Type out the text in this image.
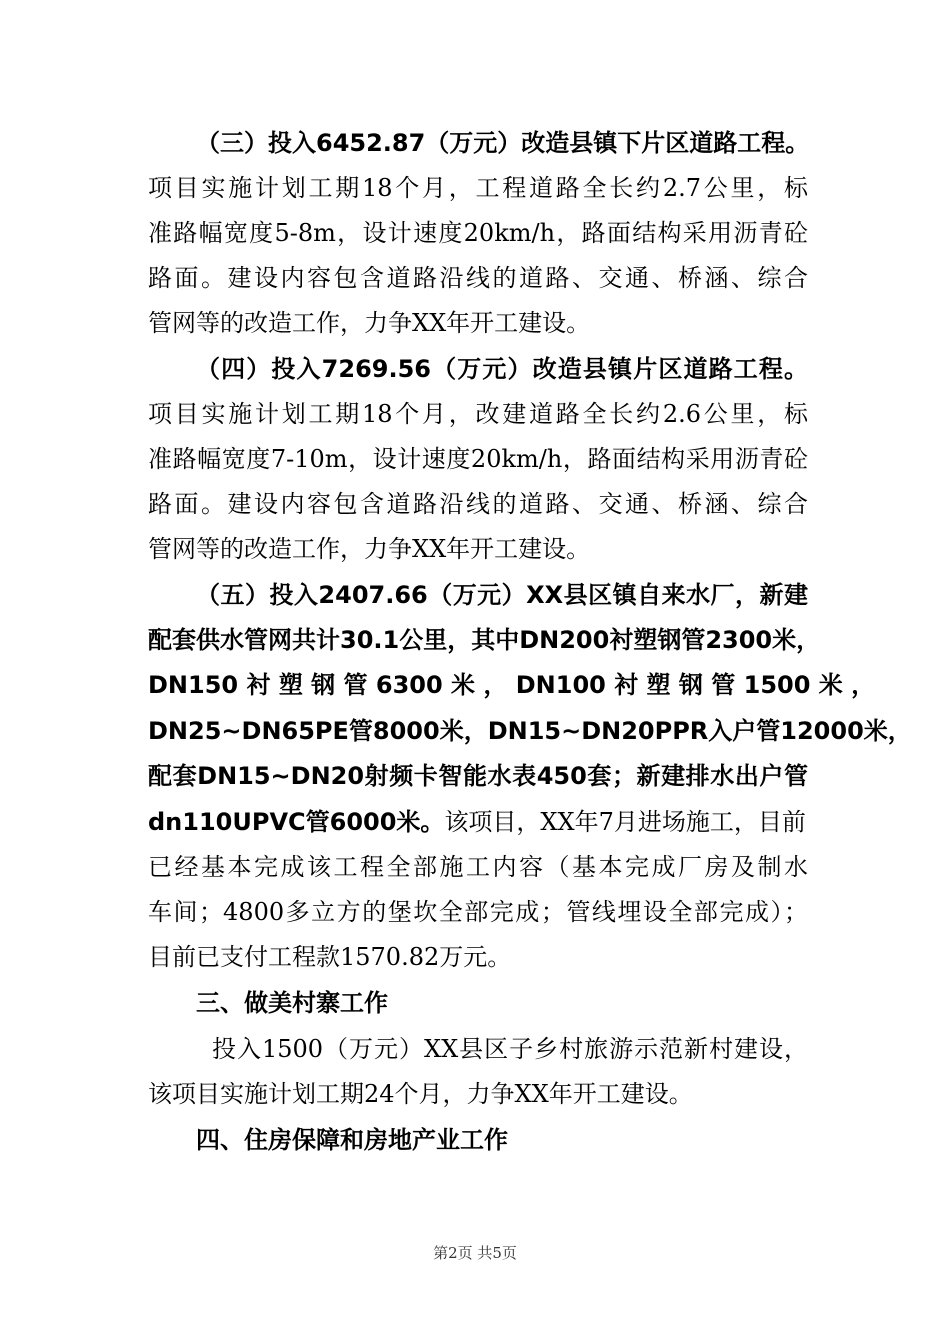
（三）投入6452.87（万元）改造县镇下片区道路工程。
项目实施计划工期18个月，工程道路全长约2.7公里，标
准路幅宽度5-8m，设计速度20km/h，路面结构采用沥青砼
路面。建设内容包含道路沿线的道路、交通、桥涵、综合
管网等的改造工作，力争XX年开工建设。
（四）投入7269.56（万元）改造县镇片区道路工程。
项目实施计划工期18个月，改建道路全长约2.6公里，标
准路幅宽度7-10m，设计速度20km/h，路面结构采用沥青砼
路面。建设内容包含道路沿线的道路、交通、桥涵、综合
管网等的改造工作，力争XX年开工建设。
（五）投入2407.66（万元）XX县区镇自来水厂，新建
配套供水管网共计30.1公里，其中DN200衬塑钢管2300米，
DN150 衬 塑 钢 管 6300 米 ， DN100 衬 塑 钢 管 1500 米 ，
DN25~DN65PE管8000米，DN15~DN20PPR入户管12000米，
配套DN15~DN20射频卡智能水表450套；新建排水出户管
dn110UPVC管6000米。该项目，XX年7月进场施工，目前
已经基本完成该工程全部施工内容（基本完成厂房及制水
车间；4800多立方的堡坎全部完成；管线埋设全部完成）；
目前已支付工程款1570.82万元。
三、做美村寨工作
投入1500（万元）XX县区子乡村旅游示范新村建设，
该项目实施计划工期24个月，力争XX年开工建设。
四、住房保障和房地产业工作
第2页 共5页
